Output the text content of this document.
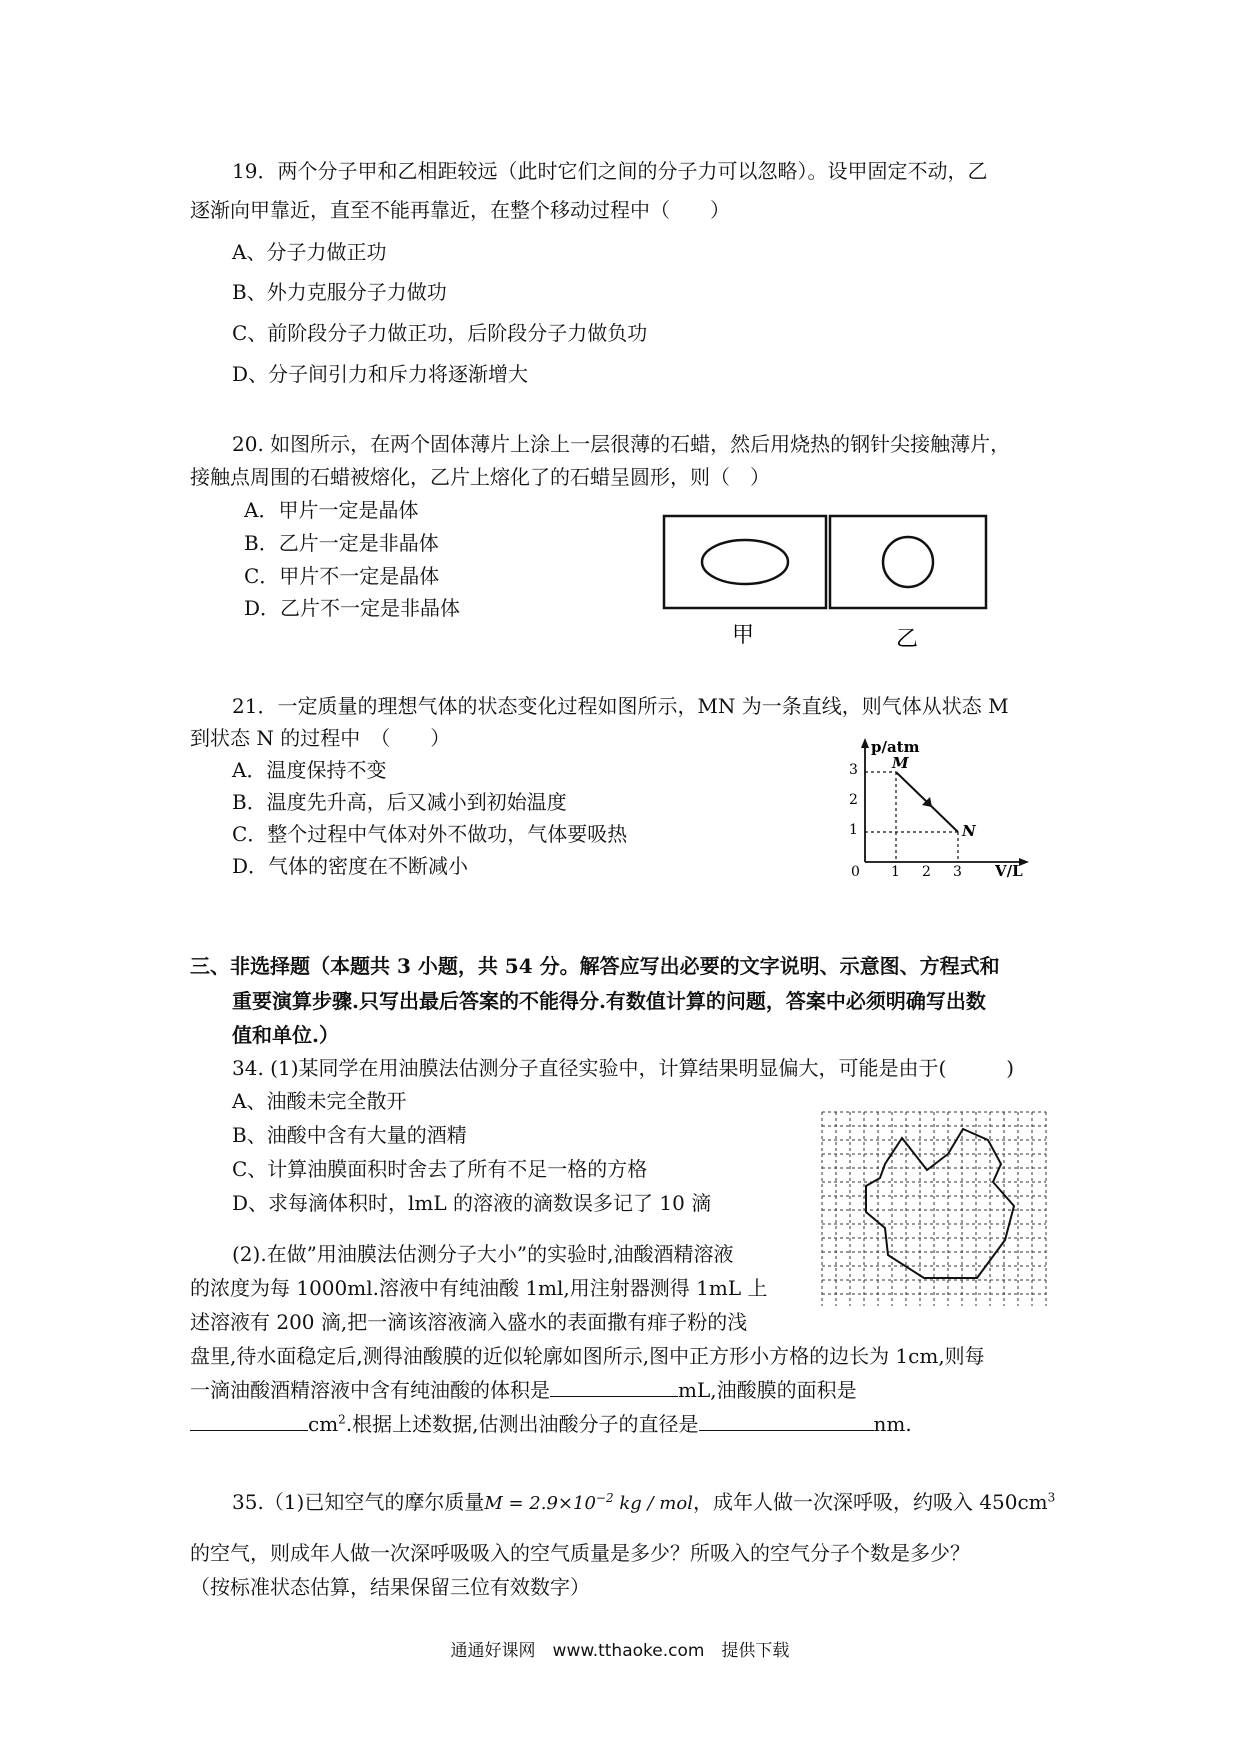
19．两个分子甲和乙相距较远（此时它们之间的分子力可以忽略）。设甲固定不动，乙
逐渐向甲靠近，直至不能再靠近，在整个移动过程中（　　）
A、分子力做正功
B、外力克服分子力做功
C、前阶段分子力做正功，后阶段分子力做负功
D、分子间引力和斥力将逐渐增大
20. 如图所示，在两个固体薄片上涂上一层很薄的石蜡，然后用烧热的钢针尖接触薄片，
接触点周围的石蜡被熔化，乙片上熔化了的石蜡呈圆形，则（　）
A．甲片一定是晶体
B．乙片一定是非晶体
C．甲片不一定是晶体
D．乙片不一定是非晶体
甲	乙
21．一定质量的理想气体的状态变化过程如图所示，MN 为一条直线，则气体从状态 M
到状态 N 的过程中　（　　）
A．温度保持不变
B．温度先升高，后又减小到初始温度
C．整个过程中气体对外不做功，气体要吸热
D．气体的密度在不断减小
p/atm
V/L
3
2
1
0 1 2 3
M
N
三、非选择题（本题共 3 小题，共 54 分。解答应写出必要的文字说明、示意图、方程式和
重要演算步骤.只写出最后答案的不能得分.有数值计算的问题，答案中必须明确写出数
值和单位.）
34. (1)某同学在用油膜法估测分子直径实验中，计算结果明显偏大，可能是由于(　　　)
A、油酸未完全散开
B、油酸中含有大量的酒精
C、计算油膜面积时舍去了所有不足一格的方格
D、求每滴体积时，lmL 的溶液的滴数误多记了 10 滴
(2).在做”用油膜法估测分子大小”的实验时,油酸酒精溶液
的浓度为每 1000ml.溶液中有纯油酸 1ml,用注射器测得 1mL 上
述溶液有 200 滴,把一滴该溶液滴入盛水的表面撒有痱子粉的浅
盘里,待水面稳定后,测得油酸膜的近似轮廓如图所示,图中正方形小方格的边长为 1cm,则每
一滴油酸酒精溶液中含有纯油酸的体积是	mL,油酸膜的面积是
$cm^2$.根据上述数据,估测出油酸分子的直径是	nm.
35.（1)已知空气的摩尔质量$M = 2.9\times 10^{-2}$ kg / mol，成年人做一次深呼吸，约吸入 $450cm^3$
的空气，则成年人做一次深呼吸吸入的空气质量是多少？所吸入的空气分子个数是多少？
（按标准状态估算，结果保留三位有效数字）
通通好课网　www.tthaoke.com　提供下载
